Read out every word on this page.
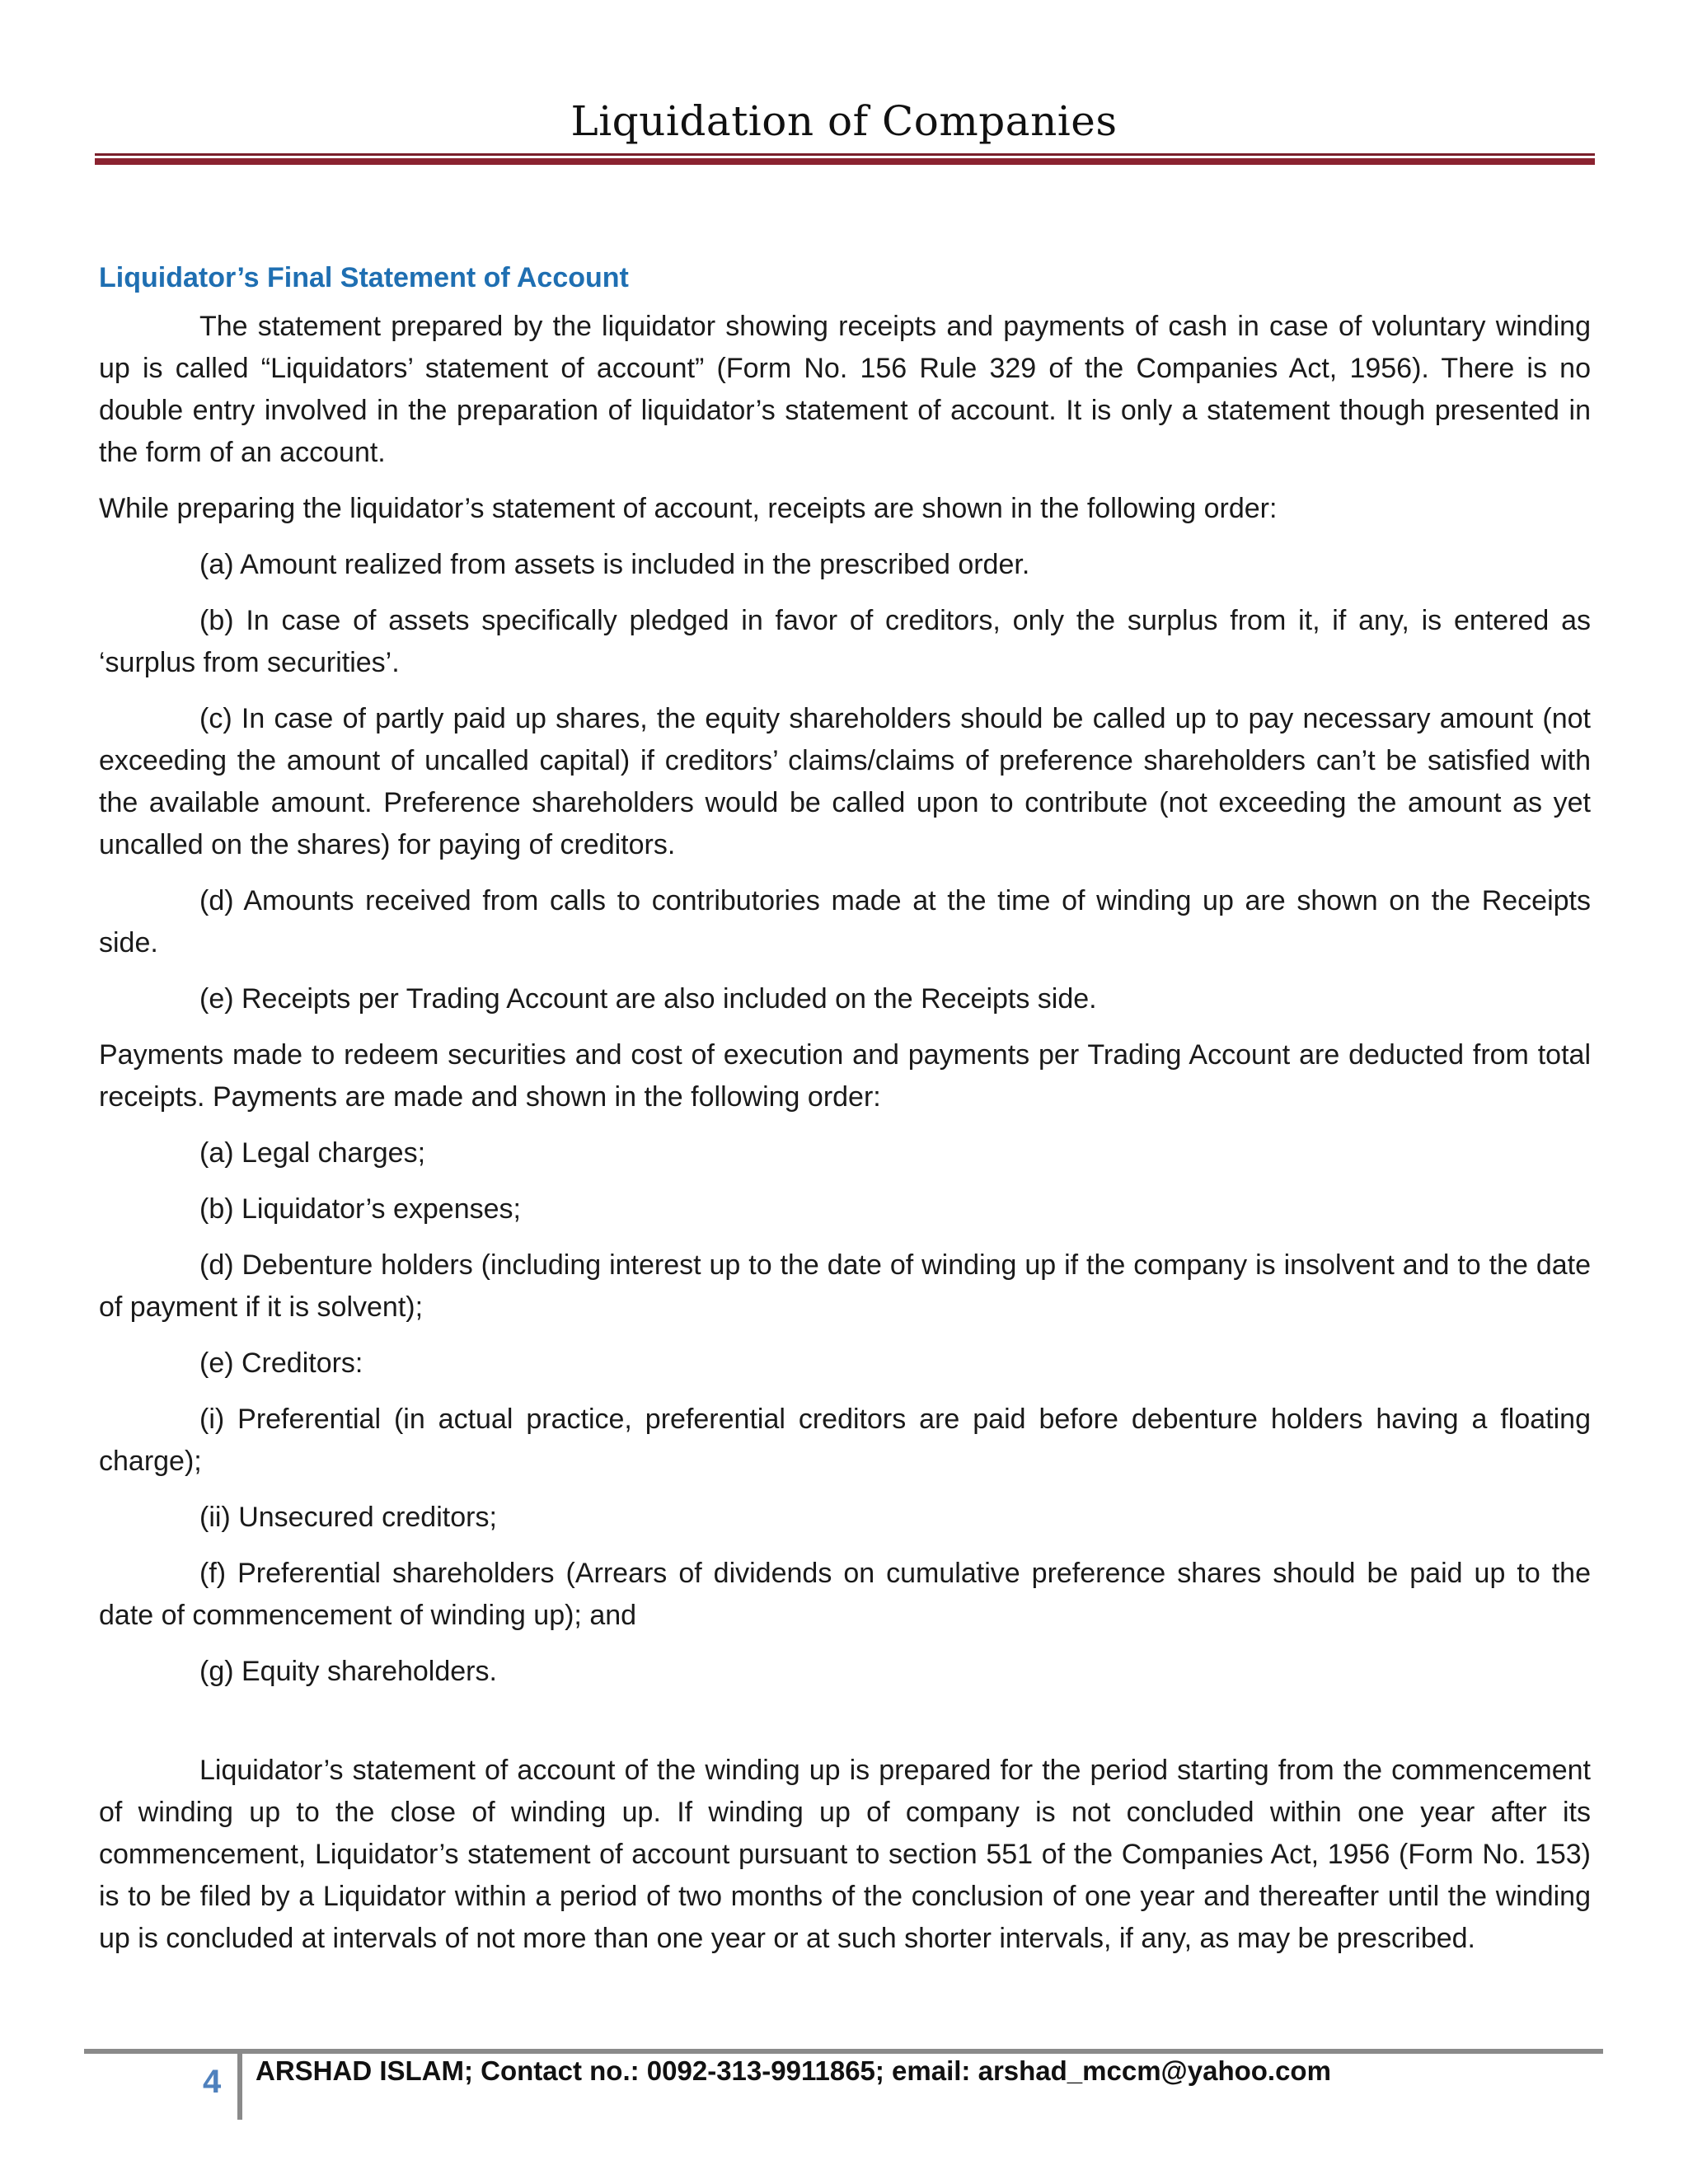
Liquidation of Companies
Liquidator’s Final Statement of Account

The statement prepared by the liquidator showing receipts and payments of cash in case of voluntary winding up is called “Liquidators’ statement of account” (Form No. 156 Rule 329 of the Companies Act, 1956). There is no double entry involved in the preparation of liquidator’s statement of account. It is only a statement though presented in the form of an account.

While preparing the liquidator’s statement of account, receipts are shown in the following order:

(a) Amount realized from assets is included in the prescribed order.

(b) In case of assets specifically pledged in favor of creditors, only the surplus from it, if any, is entered as ‘surplus from securities’.

(c) In case of partly paid up shares, the equity shareholders should be called up to pay necessary amount (not exceeding the amount of uncalled capital) if creditors’ claims/claims of preference shareholders can’t be satisfied with the available amount. Preference shareholders would be called upon to contribute (not exceeding the amount as yet uncalled on the shares) for paying of creditors.

(d) Amounts received from calls to contributories made at the time of winding up are shown on the Receipts side.

(e) Receipts per Trading Account are also included on the Receipts side.

Payments made to redeem securities and cost of execution and payments per Trading Account are deducted from total receipts. Payments are made and shown in the following order:

(a) Legal charges;

(b) Liquidator’s expenses;

(d) Debenture holders (including interest up to the date of winding up if the company is insolvent and to the date of payment if it is solvent);

(e) Creditors:

(i) Preferential (in actual practice, preferential creditors are paid before debenture holders having a floating charge);

(ii) Unsecured creditors;

(f) Preferential shareholders (Arrears of dividends on cumulative preference shares should be paid up to the date of commencement of winding up); and

(g) Equity shareholders.

Liquidator’s statement of account of the winding up is prepared for the period starting from the commencement of winding up to the close of winding up. If winding up of company is not concluded within one year after its commencement, Liquidator’s statement of account pursuant to section 551 of the Companies Act, 1956 (Form No. 153) is to be filed by a Liquidator within a period of two months of the conclusion of one year and thereafter until the winding up is concluded at intervals of not more than one year or at such shorter intervals, if any, as may be prescribed.

4 ARSHAD ISLAM; Contact no.: 0092-313-9911865; email: arshad_mccm@yahoo.com
